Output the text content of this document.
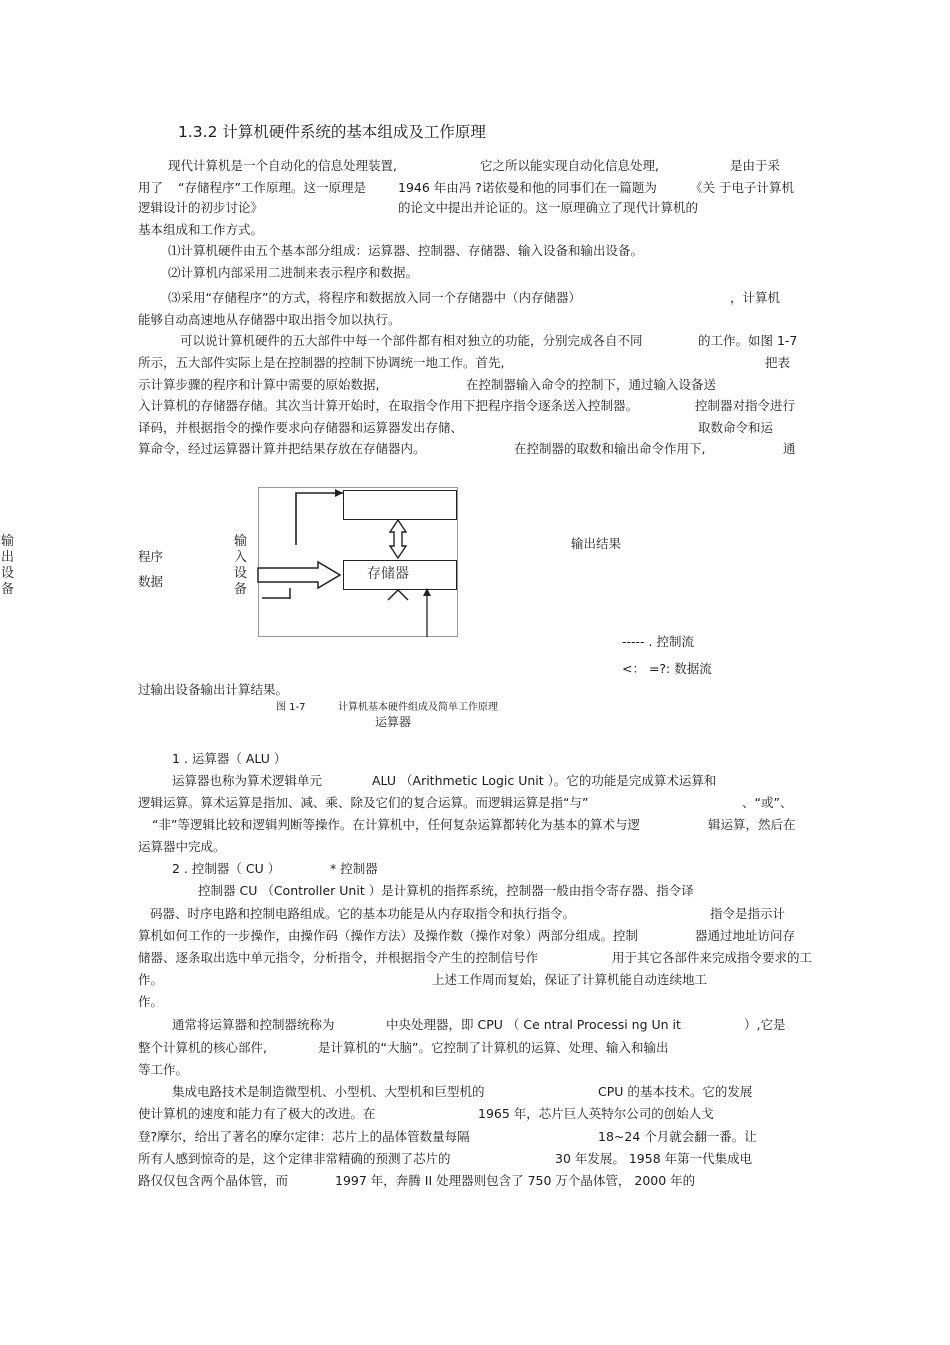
1.3.2 计算机硬件系统的基本组成及工作原理
现代计算机是一个自动化的信息处理装置,	它之所以能实现自动化信息处理,	是由于采
用了 “存储程序”工作原理。这一原理是	1946 年由冯 ?诺依曼和他的同事们在一篇题为	《关 于电子计算机
逻辑设计的初步讨论》	的论文中提出并论证的。这一原理确立了现代计算机的
基本组成和工作方式。
⑴计算机硬件由五个基本部分组成：运算器、控制器、存储器、输入设备和输出设备。
⑵计算机内部采用二进制来表示程序和数据。
⑶采用“存储程序”的方式，将程序和数据放入同一个存储器中（内存储器）	，计算机
能够自动高速地从存储器中取出指令加以执行。
可以说计算机硬件的五大部件中每一个部件都有相对独立的功能，分别完成各自不同	的工作。如图 1-7
所示，五大部件实际上是在控制器的控制下协调统一地工作。首先,	把表
示计算步骤的程序和计算中需要的原始数据,	在控制器输入命令的控制下，通过输入设备送
入计算机的存储器存储。其次当计算开始时，在取指令作用下把程序指令逐条送入控制器。	控制器对指令进行
译码，并根据指令的操作要求向存储器和运算器发出存储、	取数命令和运
算命令，经过运算器计算并把结果存放在存储器内。	在控制器的取数和输出命令作用下,	通
存储器
输出设备
输入设备
程序
数据
输出结果
----- . 控制流
<： =?: 数据流
过输出设备输出计算结果。
图 1-7	计算机基本硬件组成及简单工作原理
运算器
1 . 运算器（ ALU ）
运算器也称为算术逻辑单元	ALU （Arithmetic Logic Unit ）。它的功能是完成算术运算和
逻辑运算。算术运算是指加、减、乘、除及它们的复合运算。而逻辑运算是指“与”	、“或”、
“非”等逻辑比较和逻辑判断等操作。在计算机中，任何复杂运算都转化为基本的算术与逻	辑运算，然后在
运算器中完成。
2 . 控制器（ CU ）	* 控制器
控制器 CU （Controller Unit ）是计算机的指挥系统，控制器一般由指令寄存器、指令译
码器、时序电路和控制电路组成。它的基本功能是从内存取指令和执行指令。	指令是指示计
算机如何工作的一步操作，由操作码（操作方法）及操作数（操作对象）两部分组成。控制	器通过地址访问存
储器、逐条取出选中单元指令，分析指令，并根据指令产生的控制信号作	用于其它各部件来完成指令要求的工
作。	上述工作周而复始，保证了计算机能自动连续地工
作。
通常将运算器和控制器统称为	中央处理器，即 CPU （ Ce ntral Processi ng Un it	）,它是
整个计算机的核心部件,	是计算机的“大脑”。它控制了计算机的运算、处理、输入和输出
等工作。
集成电路技术是制造微型机、小型机、大型机和巨型机的	CPU 的基本技术。它的发展
使计算机的速度和能力有了极大的改进。在	1965 年，芯片巨人英特尔公司的创始人戈
登?摩尔，给出了著名的摩尔定律：芯片上的晶体管数量每隔	18~24 个月就会翻一番。让
所有人感到惊奇的是，这个定律非常精确的预测了芯片的	30 年发展。 1958 年第一代集成电
路仅仅包含两个晶体管，而	1997 年，奔腾 II 处理器则包含了 750 万个晶体管， 2000 年的
